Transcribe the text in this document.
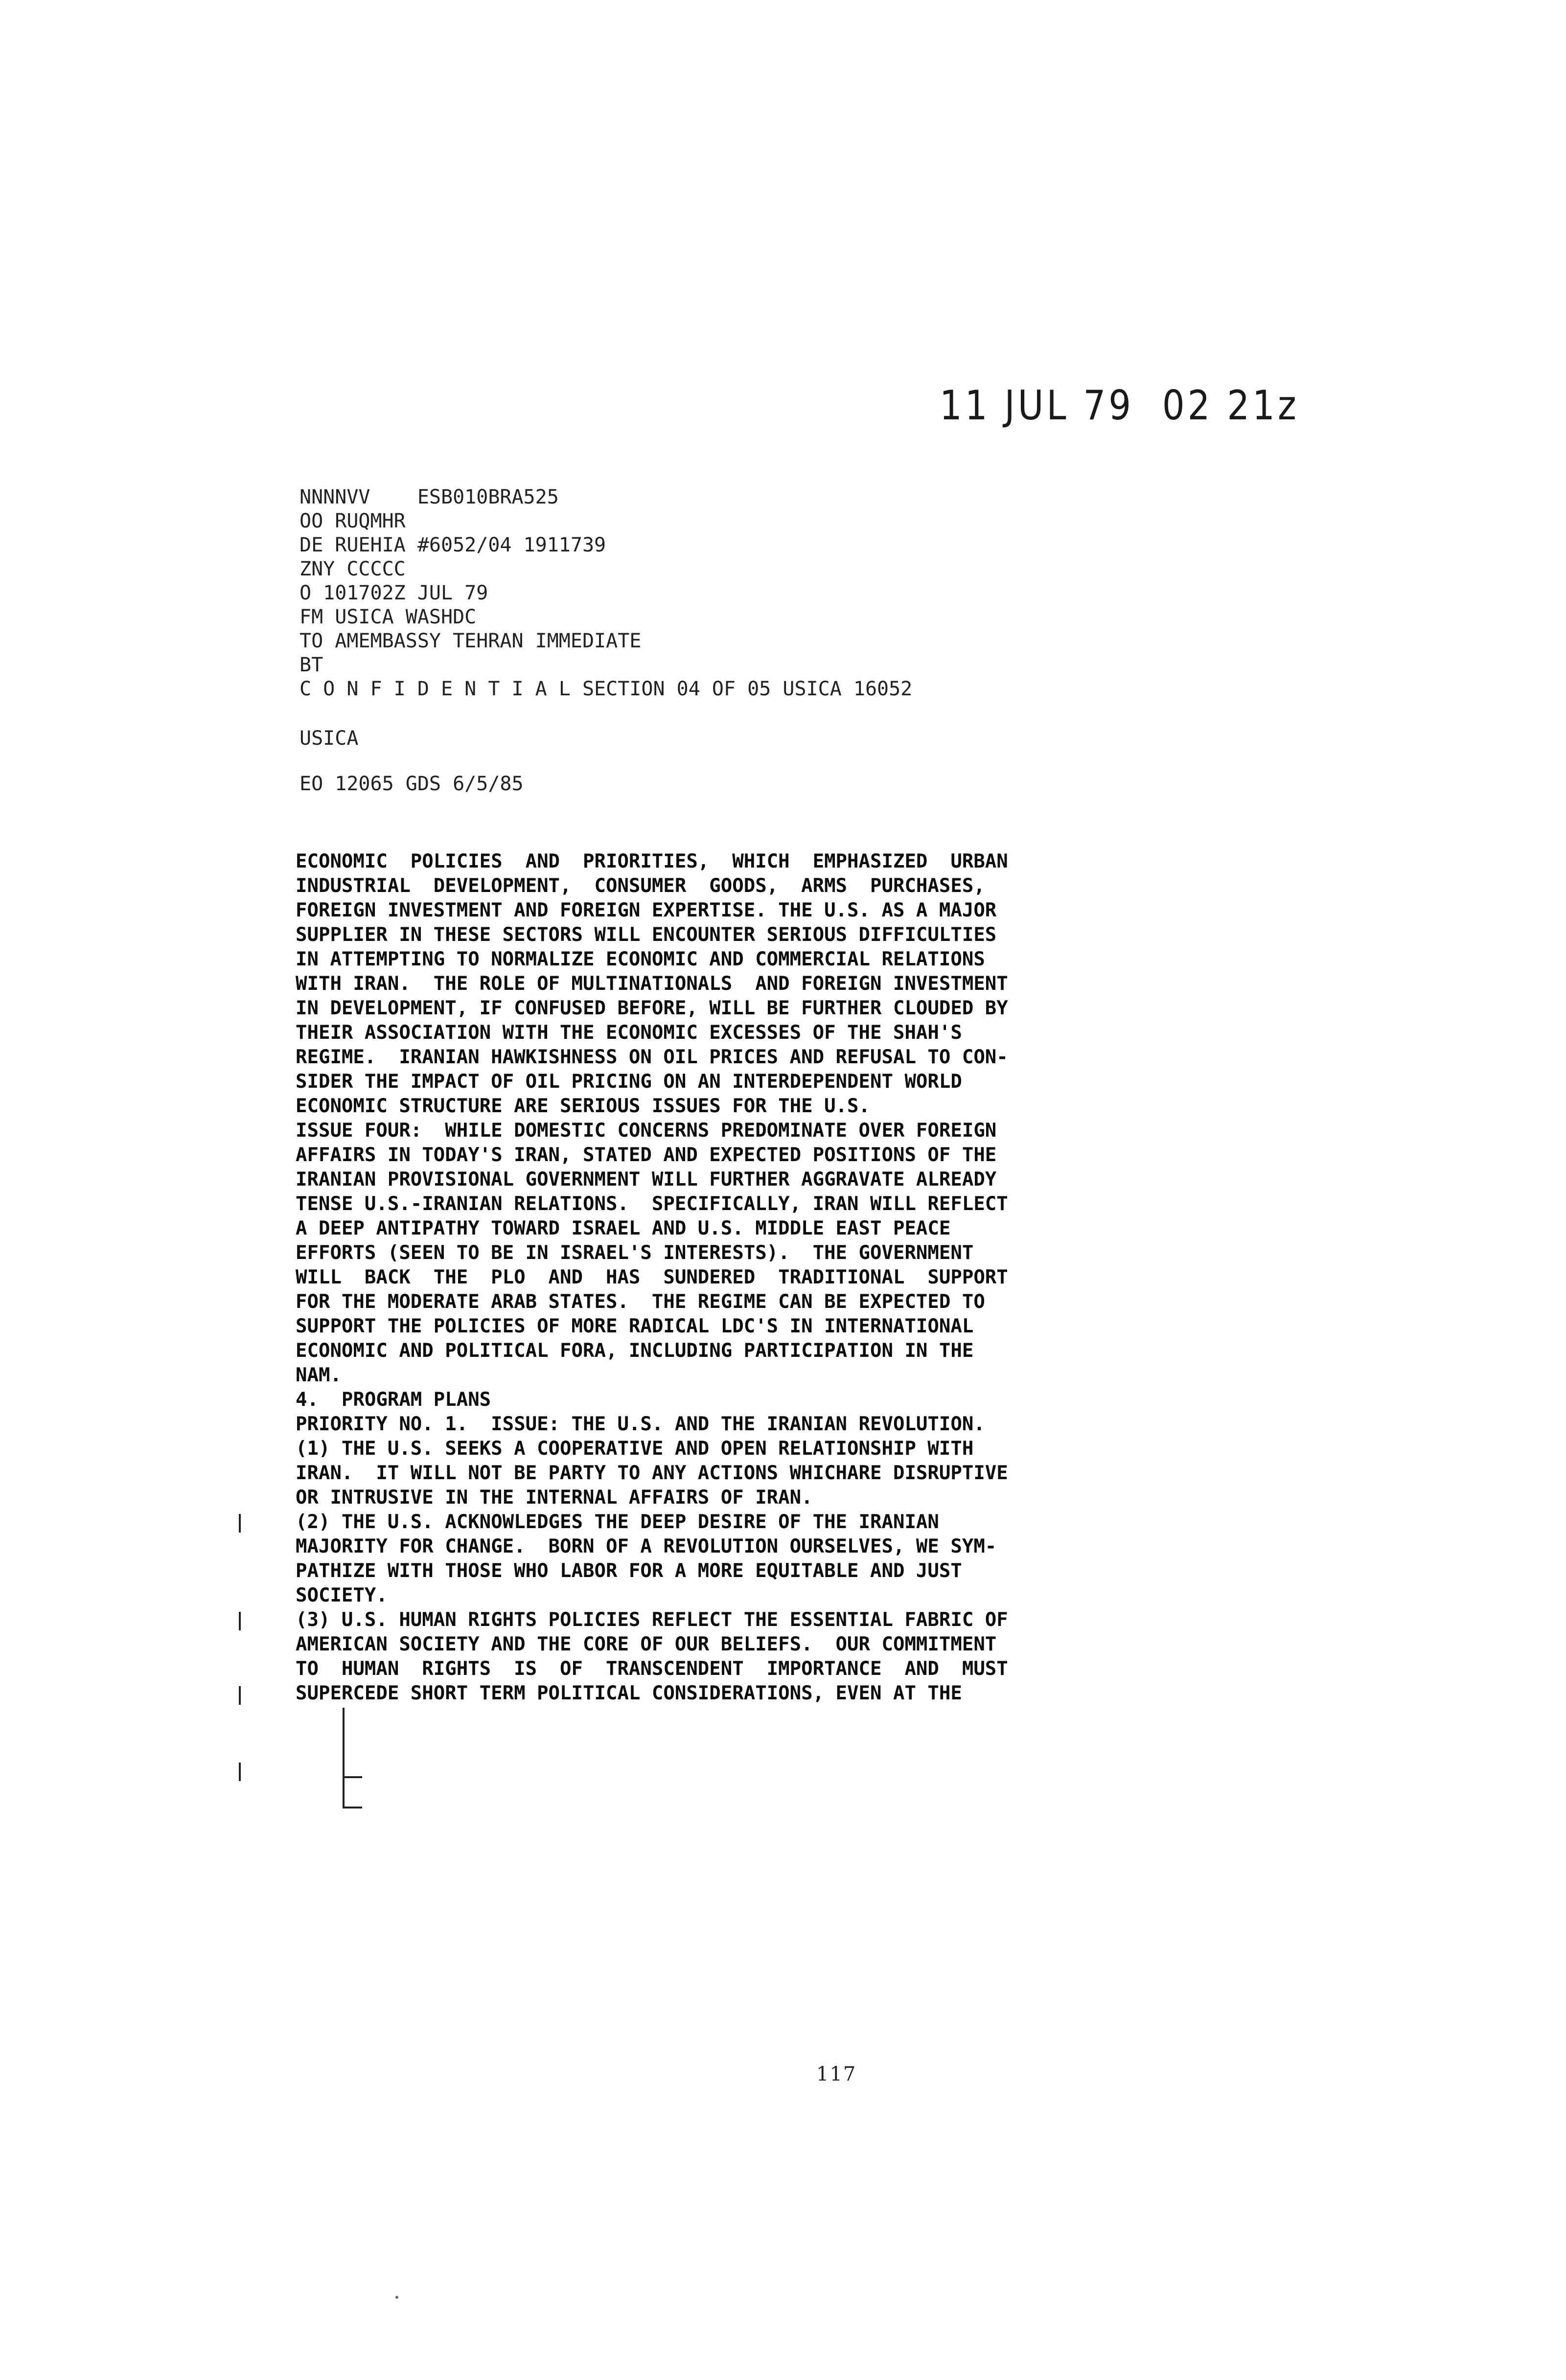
11 JUL 79  02 21z
NNNNVV    ESB010BRA525
OO RUQMHR
DE RUEHIA #6052/04 1911739
ZNY CCCCC
O 101702Z JUL 79
FM USICA WASHDC
TO AMEMBASSY TEHRAN IMMEDIATE
BT
C O N F I D E N T I A L SECTION 04 OF 05 USICA 16052
USICA
EO 12065 GDS 6/5/85
ECONOMIC  POLICIES  AND  PRIORITIES,  WHICH  EMPHASIZED  URBAN
INDUSTRIAL  DEVELOPMENT,  CONSUMER  GOODS,  ARMS  PURCHASES,
FOREIGN INVESTMENT AND FOREIGN EXPERTISE. THE U.S. AS A MAJOR
SUPPLIER IN THESE SECTORS WILL ENCOUNTER SERIOUS DIFFICULTIES
IN ATTEMPTING TO NORMALIZE ECONOMIC AND COMMERCIAL RELATIONS
WITH IRAN.  THE ROLE OF MULTINATIONALS  AND FOREIGN INVESTMENT
IN DEVELOPMENT, IF CONFUSED BEFORE, WILL BE FURTHER CLOUDED BY
THEIR ASSOCIATION WITH THE ECONOMIC EXCESSES OF THE SHAH'S
REGIME.  IRANIAN HAWKISHNESS ON OIL PRICES AND REFUSAL TO CON-
SIDER THE IMPACT OF OIL PRICING ON AN INTERDEPENDENT WORLD
ECONOMIC STRUCTURE ARE SERIOUS ISSUES FOR THE U.S.
ISSUE FOUR:  WHILE DOMESTIC CONCERNS PREDOMINATE OVER FOREIGN
AFFAIRS IN TODAY'S IRAN, STATED AND EXPECTED POSITIONS OF THE
IRANIAN PROVISIONAL GOVERNMENT WILL FURTHER AGGRAVATE ALREADY
TENSE U.S.-IRANIAN RELATIONS.  SPECIFICALLY, IRAN WILL REFLECT
A DEEP ANTIPATHY TOWARD ISRAEL AND U.S. MIDDLE EAST PEACE
EFFORTS (SEEN TO BE IN ISRAEL'S INTERESTS).  THE GOVERNMENT
WILL  BACK  THE  PLO  AND  HAS  SUNDERED  TRADITIONAL  SUPPORT
FOR THE MODERATE ARAB STATES.  THE REGIME CAN BE EXPECTED TO
SUPPORT THE POLICIES OF MORE RADICAL LDC'S IN INTERNATIONAL
ECONOMIC AND POLITICAL FORA, INCLUDING PARTICIPATION IN THE
NAM.
4.  PROGRAM PLANS
PRIORITY NO. 1.  ISSUE: THE U.S. AND THE IRANIAN REVOLUTION.
(1) THE U.S. SEEKS A COOPERATIVE AND OPEN RELATIONSHIP WITH
IRAN.  IT WILL NOT BE PARTY TO ANY ACTIONS WHICHARE DISRUPTIVE
OR INTRUSIVE IN THE INTERNAL AFFAIRS OF IRAN.
(2) THE U.S. ACKNOWLEDGES THE DEEP DESIRE OF THE IRANIAN
MAJORITY FOR CHANGE.  BORN OF A REVOLUTION OURSELVES, WE SYM-
PATHIZE WITH THOSE WHO LABOR FOR A MORE EQUITABLE AND JUST
SOCIETY.
(3) U.S. HUMAN RIGHTS POLICIES REFLECT THE ESSENTIAL FABRIC OF
AMERICAN SOCIETY AND THE CORE OF OUR BELIEFS.  OUR COMMITMENT
TO  HUMAN  RIGHTS  IS  OF  TRANSCENDENT  IMPORTANCE  AND  MUST
SUPERCEDE SHORT TERM POLITICAL CONSIDERATIONS, EVEN AT THE
117
